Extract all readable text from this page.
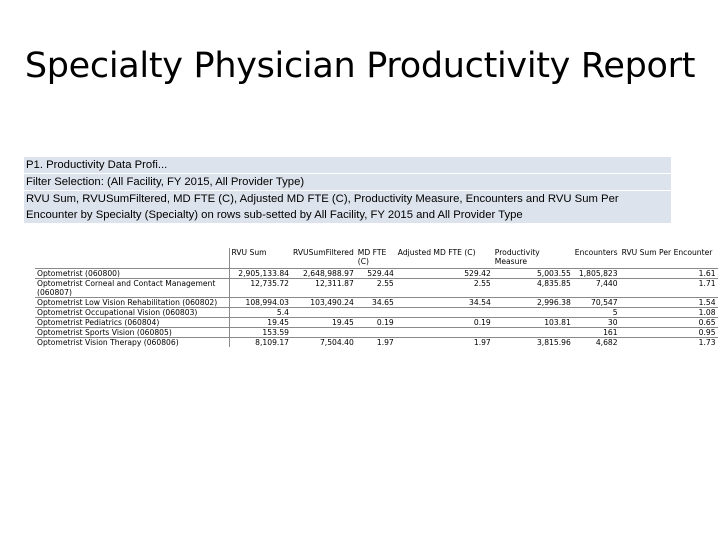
Specialty Physician Productivity Report
P1. Productivity Data Profi...
Filter Selection: (All Facility, FY 2015, All Provider Type)
RVU Sum, RVUSumFiltered, MD FTE (C), Adjusted MD FTE (C), Productivity Measure, Encounters and RVU Sum Per Encounter by Specialty (Specialty) on rows sub-setted by All Facility, FY 2015 and All Provider Type
	RVU Sum	RVUSumFiltered	MD FTE (C)	Adjusted MD FTE (C)	Productivity Measure	Encounters	RVU Sum Per Encounter
Optometrist (060800)	2,905,133.84	2,648,988.97	529.44	529.42	5,003.55	1,805,823	1.61
Optometrist Corneal and Contact Management (060807)	12,735.72	12,311.87	2.55	2.55	4,835.85	7,440	1.71
Optometrist Low Vision Rehabilitation (060802)	108,994.03	103,490.24	34.65	34.54	2,996.38	70,547	1.54
Optometrist Occupational Vision (060803)	5.4					5	1.08
Optometrist Pediatrics (060804)	19.45	19.45	0.19	0.19	103.81	30	0.65
Optometrist Sports Vision (060805)	153.59					161	0.95
Optometrist Vision Therapy (060806)	8,109.17	7,504.40	1.97	1.97	3,815.96	4,682	1.73
